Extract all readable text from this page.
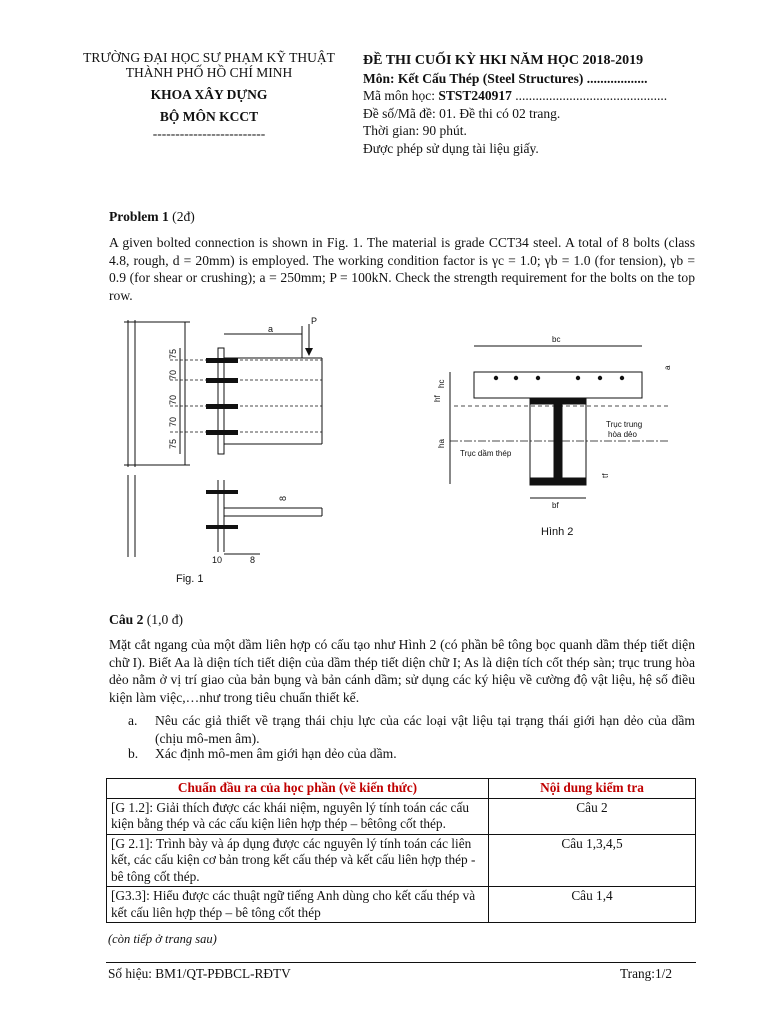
TRƯỜNG ĐẠI HỌC SƯ PHẠM KỸ THUẬT
THÀNH PHỐ HỒ CHÍ MINH
KHOA XÂY DỰNG
BỘ MÔN KCCT
-------------------------
ĐỀ THI CUỐI KỲ HKI NĂM HỌC 2018-2019
Môn: Kết Cấu Thép (Steel Structures) ..................
Mã môn học: STST240917 .............................................
Đề số/Mã đề: 01. Đề thi có 02 trang.
Thời gian: 90 phút.
Được phép sử dụng tài liệu giấy.
Problem 1 (2đ)
A given bolted connection is shown in Fig. 1. The material is grade CCT34 steel. A total of 8 bolts (class 4.8, rough, d = 20mm) is employed. The working condition factor is γc = 1.0; γb = 1.0 (for tension), γb = 0.9 (for shear or crushing); a = 250mm; P = 100kN. Check the strength requirement for the bolts on the top row.
a
P
75
70
70
70
75
8
10	8
Fig. 1
bc
hc
hf
ha
bf
tf
a
Trục trung
hòa dẻo
Trục dầm thép
Hình 2
Câu 2 (1,0 đ)
Mặt cắt ngang của một dầm liên hợp có cấu tạo như Hình 2 (có phần bê tông bọc quanh dầm thép tiết diện chữ I). Biết Aa là diện tích tiết diện của dầm thép tiết diện chữ I; As là diện tích cốt thép sàn; trục trung hòa dẻo nằm ở vị trí giao của bản bụng và bản cánh dầm; sử dụng các ký hiệu về cường độ vật liệu, hệ số điều kiện làm việc,…như trong tiêu chuẩn thiết kế.
a. Nêu các giả thiết về trạng thái chịu lực của các loại vật liệu tại trạng thái giới hạn dẻo của dầm (chịu mô-men âm).
b. Xác định mô-men âm giới hạn dẻo của dầm.
Chuẩn đầu ra của học phần (về kiến thức)	Nội dung kiểm tra
[G 1.2]: Giải thích được các khái niệm, nguyên lý tính toán các cấu kiện bằng thép và các cấu kiện liên hợp thép – bêtông cốt thép.	Câu 2
[G 2.1]: Trình bày và áp dụng được các nguyên lý tính toán các liên kết, các cấu kiện cơ bản trong kết cấu thép và kết cấu liên hợp thép - bê tông cốt thép.	Câu 1,3,4,5
[G3.3]: Hiểu được các thuật ngữ tiếng Anh dùng cho kết cấu thép và kết cấu liên hợp thép – bê tông cốt thép	Câu 1,4
(còn tiếp ở trang sau)
Số hiệu: BM1/QT-PĐBCL-RĐTV	Trang:1/2
